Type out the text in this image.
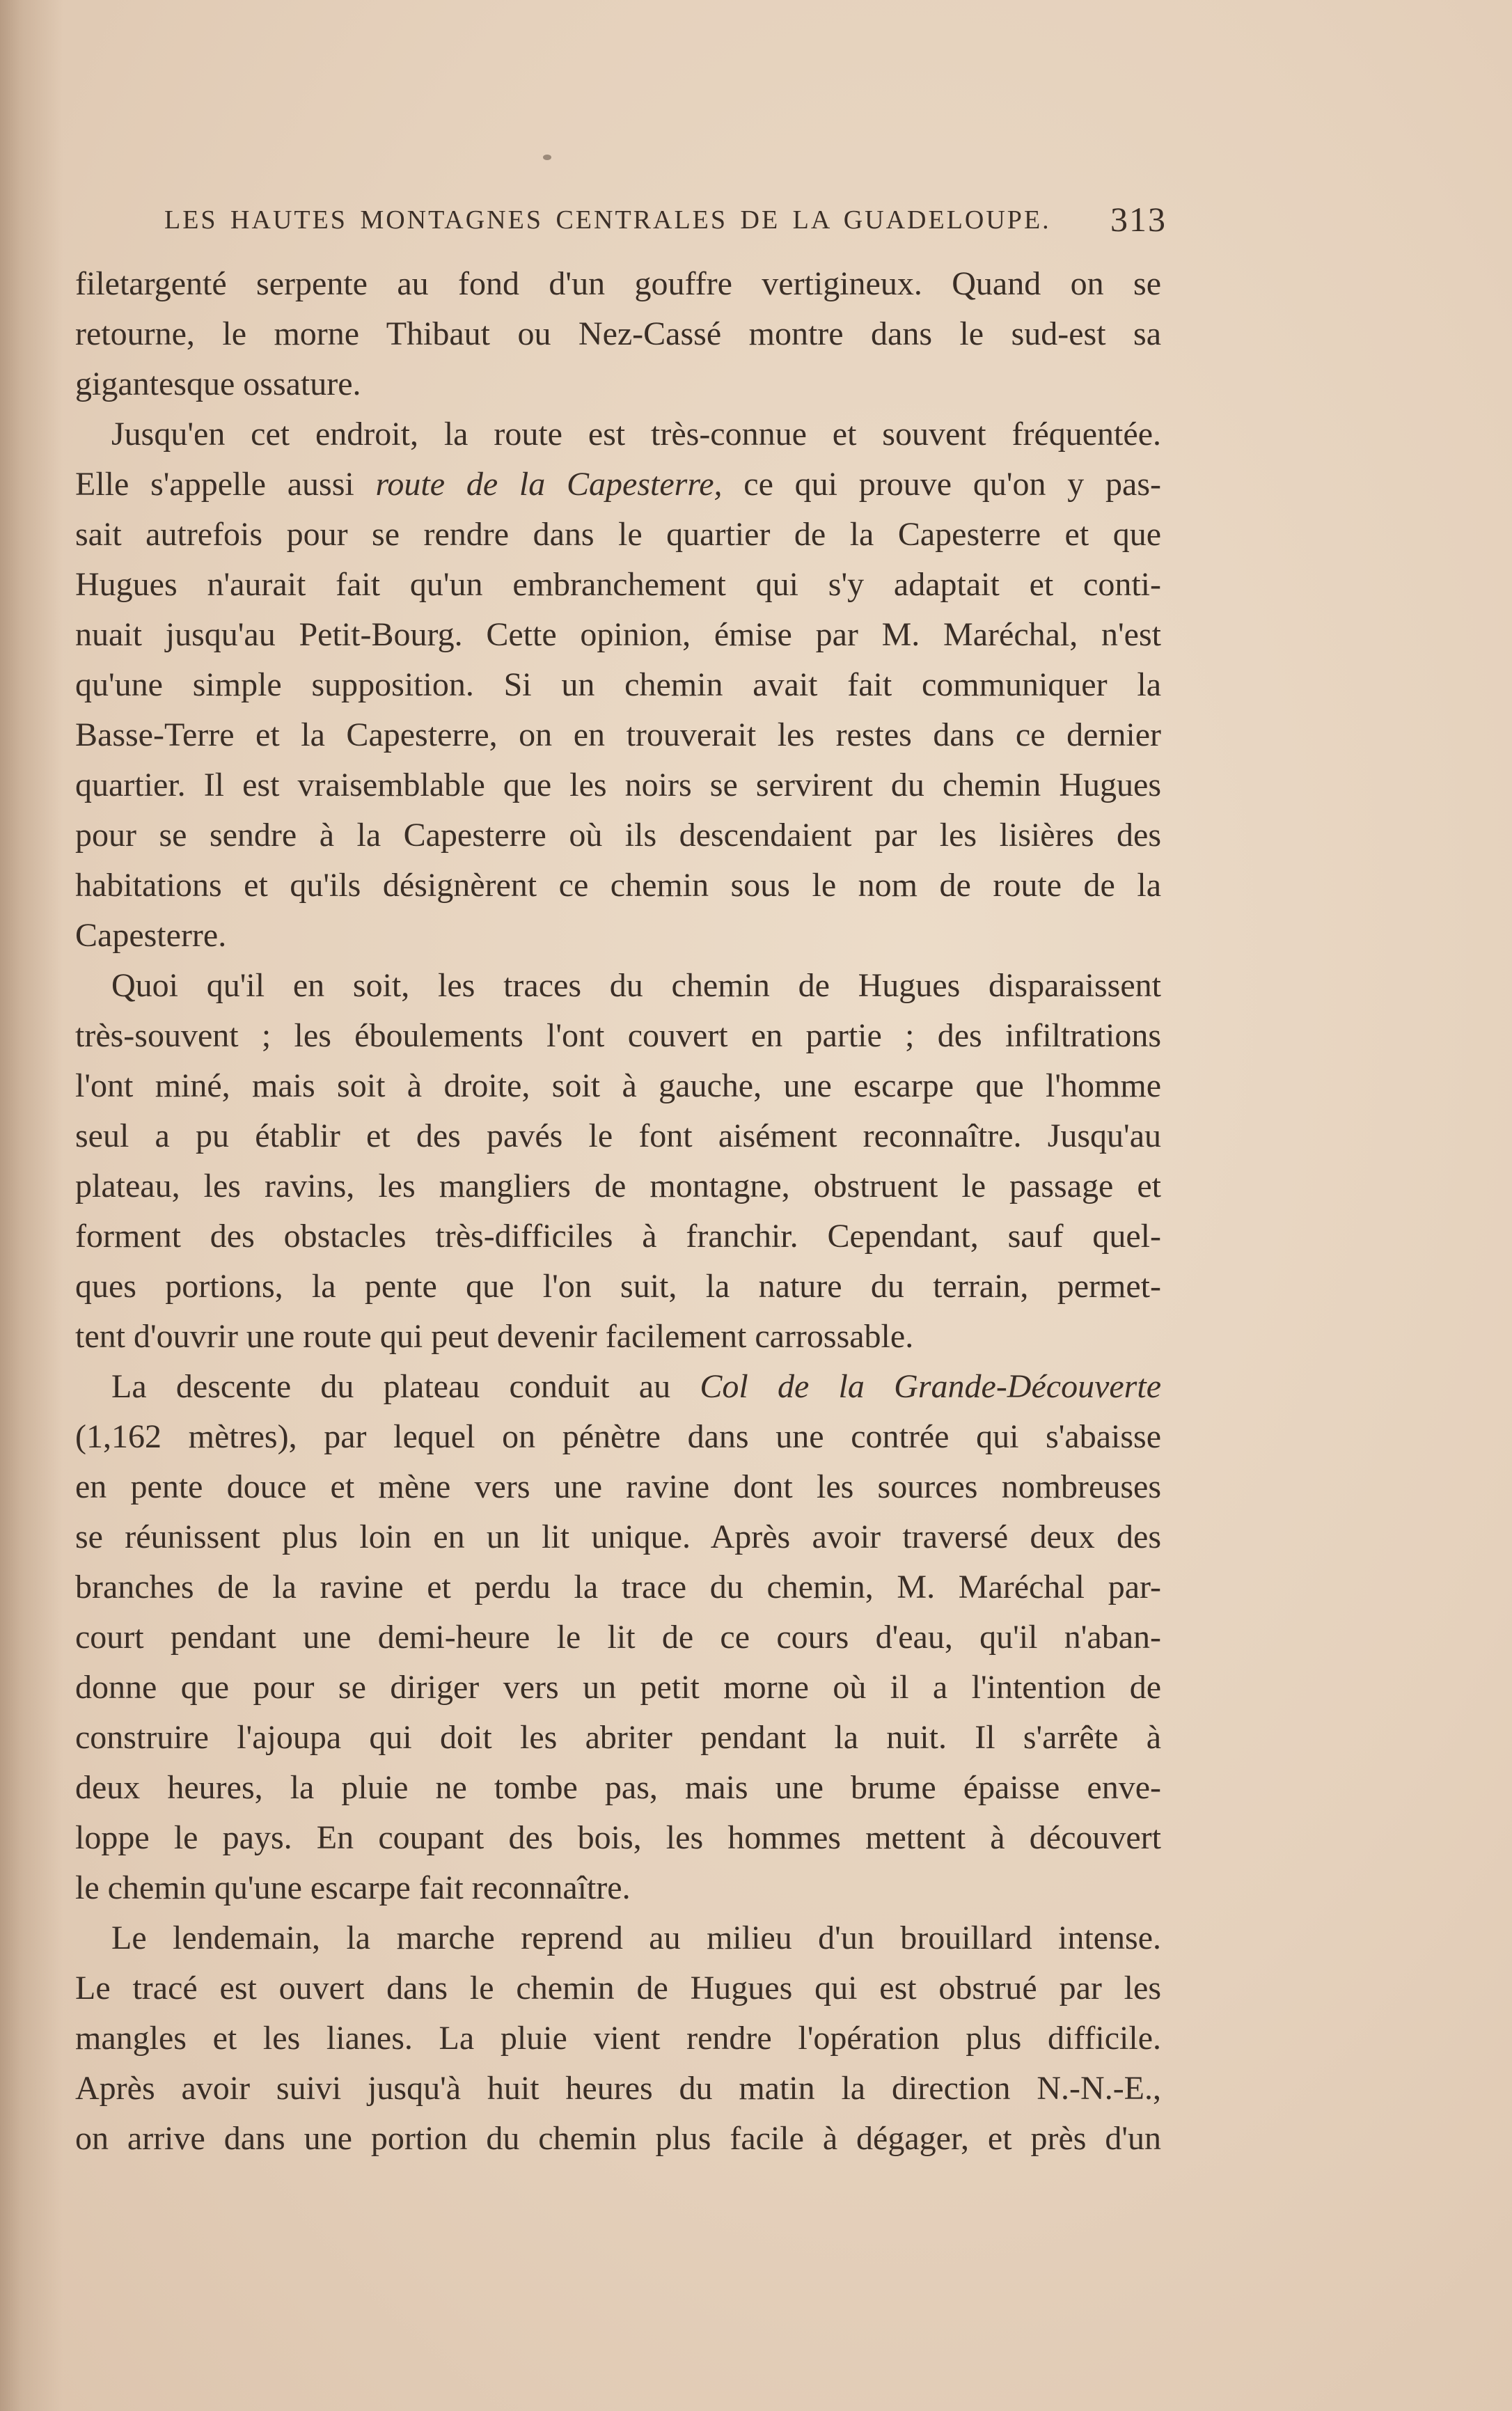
LES HAUTES MONTAGNES CENTRALES DE LA GUADELOUPE. 313
filetargenté serpente au fond d'un gouffre vertigineux. Quand on se
retourne, le morne Thibaut ou Nez-Cassé montre dans le sud-est sa
gigantesque ossature.
Jusqu'en cet endroit, la route est très-connue et souvent fréquentée.
Elle s'appelle aussi route de la Capesterre, ce qui prouve qu'on y pas-
sait autrefois pour se rendre dans le quartier de la Capesterre et que
Hugues n'aurait fait qu'un embranchement qui s'y adaptait et conti-
nuait jusqu'au Petit-Bourg. Cette opinion, émise par M. Maréchal, n'est
qu'une simple supposition. Si un chemin avait fait communiquer la
Basse-Terre et la Capesterre, on en trouverait les restes dans ce dernier
quartier. Il est vraisemblable que les noirs se servirent du chemin Hugues
pour se sendre à la Capesterre où ils descendaient par les lisières des
habitations et qu'ils désignèrent ce chemin sous le nom de route de la
Capesterre.
Quoi qu'il en soit, les traces du chemin de Hugues disparaissent
très-souvent ; les éboulements l'ont couvert en partie ; des infiltrations
l'ont miné, mais soit à droite, soit à gauche, une escarpe que l'homme
seul a pu établir et des pavés le font aisément reconnaître. Jusqu'au
plateau, les ravins, les mangliers de montagne, obstruent le passage et
forment des obstacles très-difficiles à franchir. Cependant, sauf quel-
ques portions, la pente que l'on suit, la nature du terrain, permet-
tent d'ouvrir une route qui peut devenir facilement carrossable.
La descente du plateau conduit au Col de la Grande-Découverte
(1,162 mètres), par lequel on pénètre dans une contrée qui s'abaisse
en pente douce et mène vers une ravine dont les sources nombreuses
se réunissent plus loin en un lit unique. Après avoir traversé deux des
branches de la ravine et perdu la trace du chemin, M. Maréchal par-
court pendant une demi-heure le lit de ce cours d'eau, qu'il n'aban-
donne que pour se diriger vers un petit morne où il a l'intention de
construire l'ajoupa qui doit les abriter pendant la nuit. Il s'arrête à
deux heures, la pluie ne tombe pas, mais une brume épaisse enve-
loppe le pays. En coupant des bois, les hommes mettent à découvert
le chemin qu'une escarpe fait reconnaître.
Le lendemain, la marche reprend au milieu d'un brouillard intense.
Le tracé est ouvert dans le chemin de Hugues qui est obstrué par les
mangles et les lianes. La pluie vient rendre l'opération plus difficile.
Après avoir suivi jusqu'à huit heures du matin la direction N.-N.-E.,
on arrive dans une portion du chemin plus facile à dégager, et près d'un
